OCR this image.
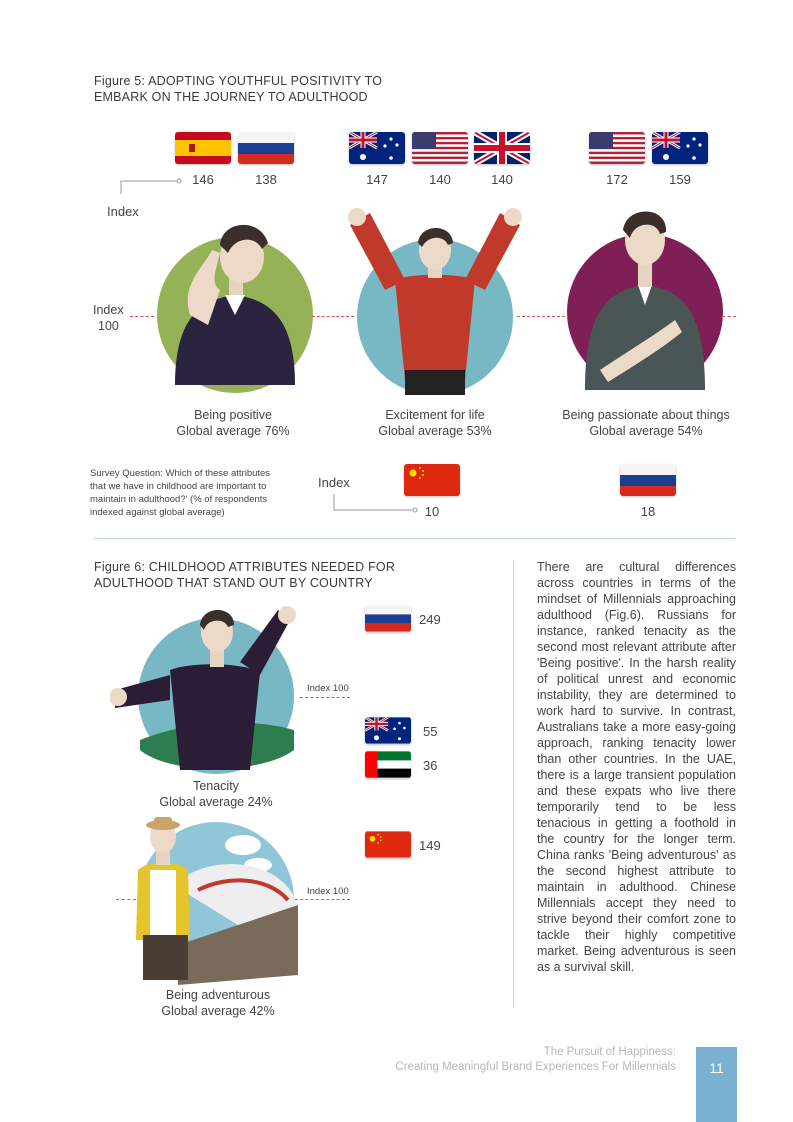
Figure 5: ADOPTING YOUTHFUL POSITIVITY TO
EMBARK ON THE JOURNEY TO ADULTHOOD
146	138	147	140	140	172	159
Index
Index
100
Being positive
Global average 76%
Excitement for life
Global average 53%
Being passionate about things
Global average 54%
Survey Question: Which of these attributes that we have in childhood are important to maintain in adulthood?' (% of respondents indexed against global average)
Index
10	18
Figure 6: CHILDHOOD ATTRIBUTES NEEDED FOR
ADULTHOOD THAT STAND OUT BY COUNTRY
Index 100
Tenacity
Global average 24%
249
55
36
Index 100
Being adventurous
Global average 42%
149
There are cultural differences across countries in terms of the mindset of Millennials approaching adulthood (Fig.6). Russians for instance, ranked tenacity as the second most relevant attribute after 'Being positive'. In the harsh reality of political unrest and economic instability, they are determined to work hard to survive. In contrast, Australians take a more easy-going approach, ranking tenacity lower than other countries. In the UAE, there is a large transient population and these expats who live there temporarily tend to be less tenacious in getting a foothold in the country for the longer term. China ranks 'Being adventurous' as the second highest attribute to maintain in adulthood. Chinese Millennials accept they need to strive beyond their comfort zone to tackle their highly competitive market. Being adventurous is seen as a survival skill.
The Pursuit of Happiness:
Creating Meaningful Brand Experiences For Millennials	11
